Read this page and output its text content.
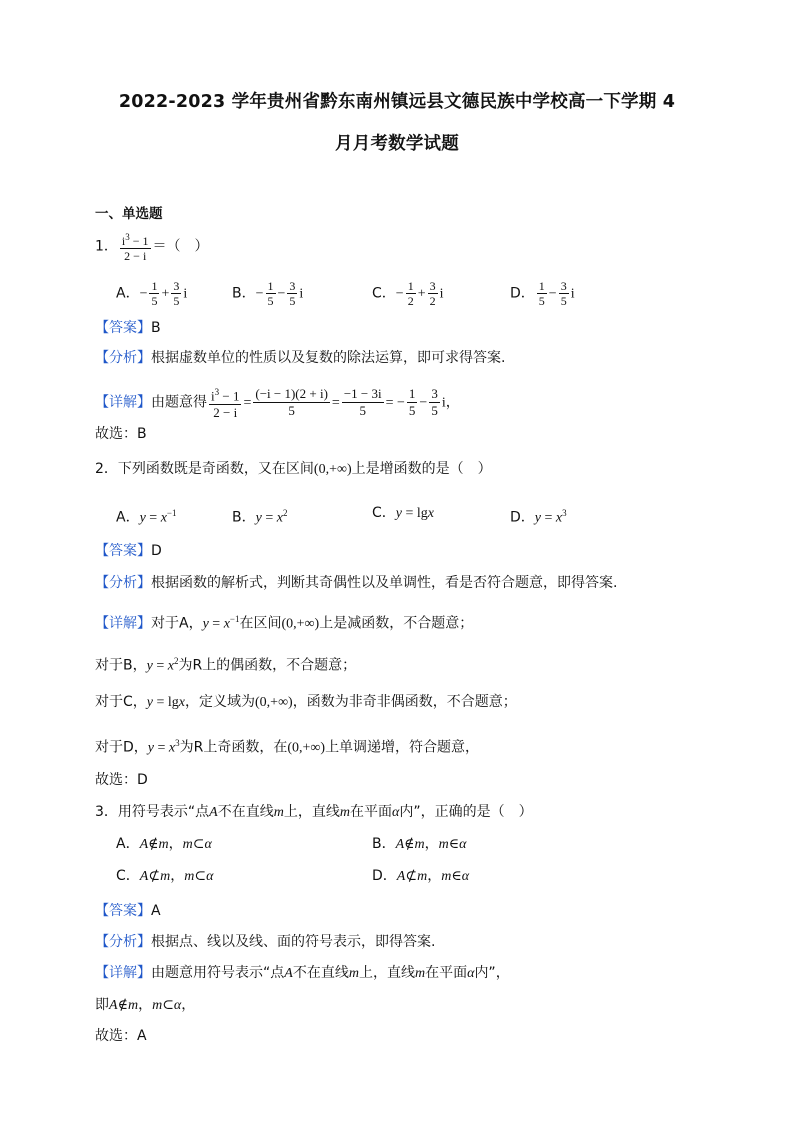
2022-2023 学年贵州省黔东南州镇远县文德民族中学校高一下学期 4
月月考数学试题
一、单选题
1． $\frac{i^3 - 1}{2 - i}$ ＝（　）
A．− $\frac{1}{5} + \frac{3}{5}$ i	B．− $\frac{1}{5} - \frac{3}{5}$ i	C．− $\frac{1}{2} + \frac{3}{2}$ i	D． $\frac{1}{5} - \frac{3}{5}$ i
【答案】B
【分析】根据虚数单位的性质以及复数的除法运算，即可求得答案.
【详解】由题意得 $\frac{i^3 - 1}{2 - i} = \frac{(-i - 1)(2 + i)}{5} = \frac{-1 - 3i}{5}$ = − $\frac{1}{5} - \frac{3}{5}$ i，
故选：B
2．下列函数既是奇函数，又在区间(0,+∞)上是增函数的是（　）
A．$y = x^{-1}$	B．$y = x^2$	C．y = lgx	D．$y = x^3$
【答案】D
【分析】根据函数的解析式，判断其奇偶性以及单调性，看是否符合题意，即得答案.
【详解】对于A，$y = x^{-1}$在区间(0,+∞)上是减函数，不合题意；
对于B，$y = x^2$为R上的偶函数，不合题意；
对于C，y = lgx，定义域为(0,+∞)，函数为非奇非偶函数，不合题意；
对于D，$y = x^3$为R上奇函数，在(0,+∞)上单调递增，符合题意，
故选：D
3．用符号表示“点A不在直线m上，直线m在平面α内”，正确的是（　）
A．A∉m，m⊂α	B．A∉m，m∈α
C．A⊄m，m⊂α	D．A⊄m，m∈α
【答案】A
【分析】根据点、线以及线、面的符号表示，即得答案.
【详解】由题意用符号表示“点A不在直线m上，直线m在平面α内”，
即A∉m，m⊂α，
故选：A
